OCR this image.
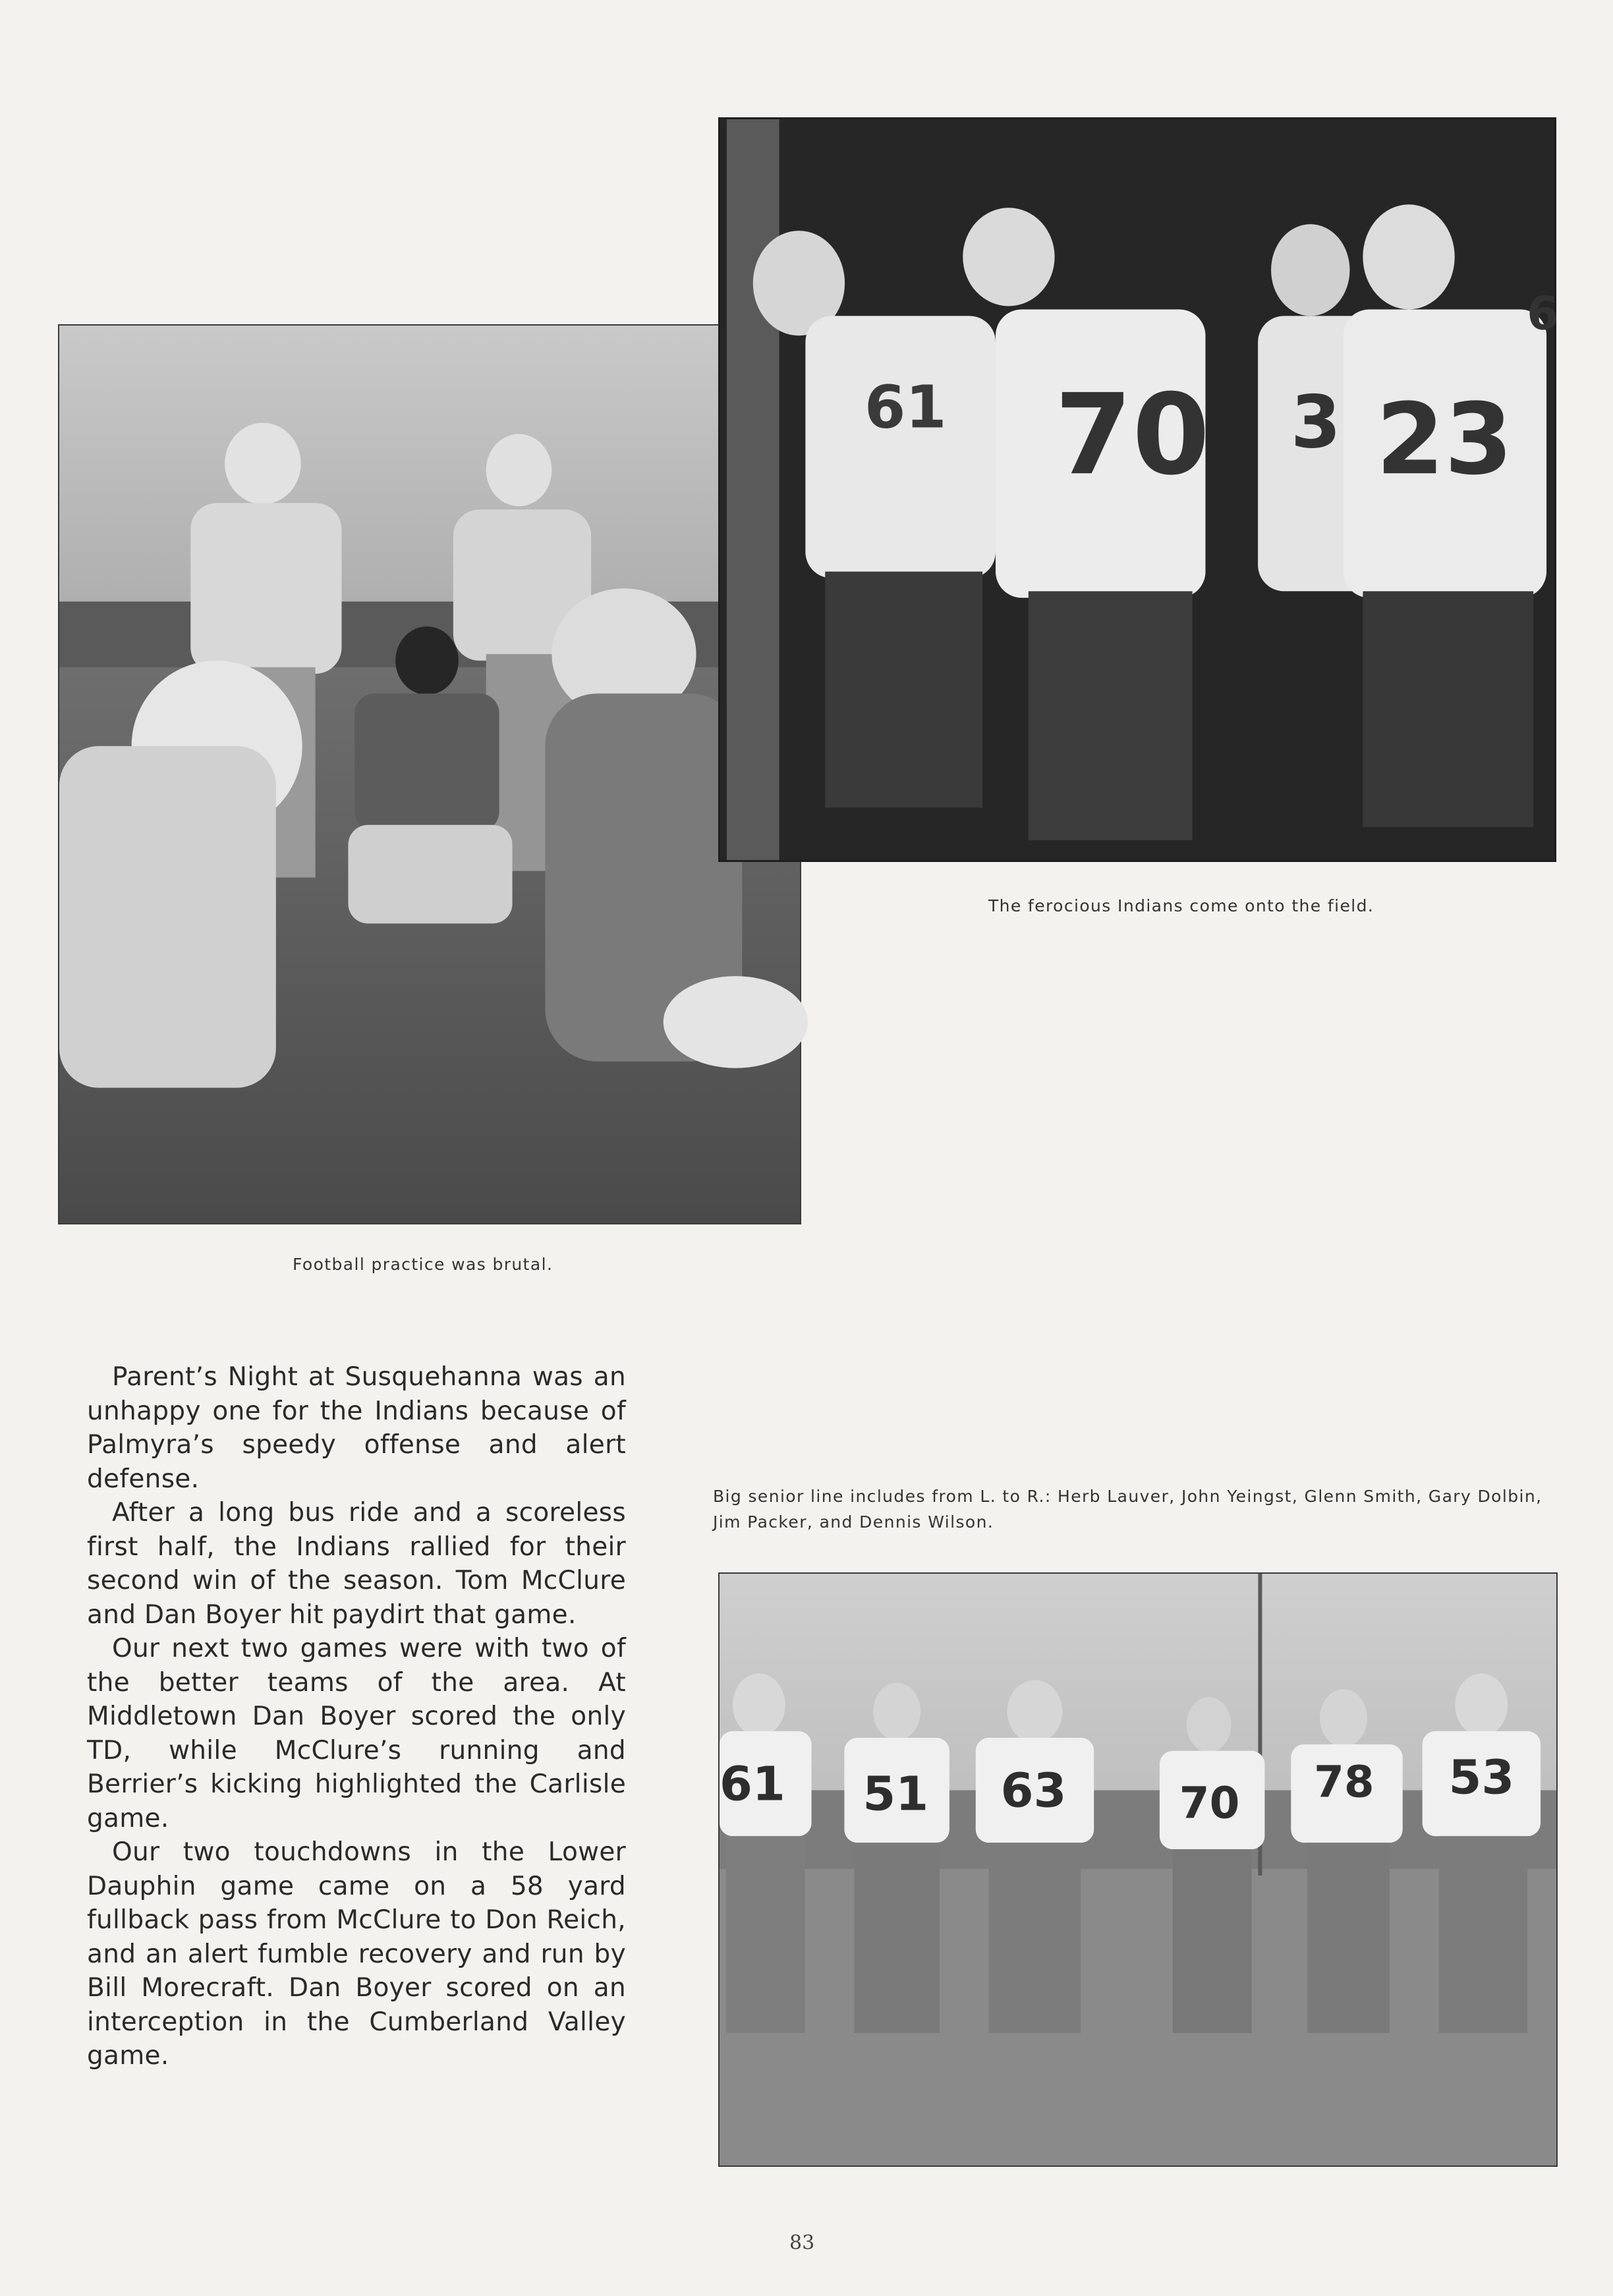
61 70 3 23
6
The ferocious Indians come onto the field.
Football practice was brutal.

Parent’s Night at Susquehanna was an unhappy one for the Indians because of Palmyra’s speedy offense and alert defense.

After a long bus ride and a scoreless first half, the Indians rallied for their second win of the season. Tom McClure and Dan Boyer hit paydirt that game.

Our next two games were with two of the better teams of the area. At Middletown Dan Boyer scored the only TD, while McClure’s running and Berrier’s kicking highlighted the Carlisle game.

Our two touchdowns in the Lower Dauphin game came on a 58 yard fullback pass from McClure to Don Reich, and an alert fumble recovery and run by Bill Morecraft. Dan Boyer scored on an interception in the Cumberland Valley game.

Big senior line includes from L. to R.: Herb Lauver, John Yeingst, Glenn Smith, Gary Dolbin, Jim Packer, and Dennis Wilson.
61 51 63	70 78 53
83
